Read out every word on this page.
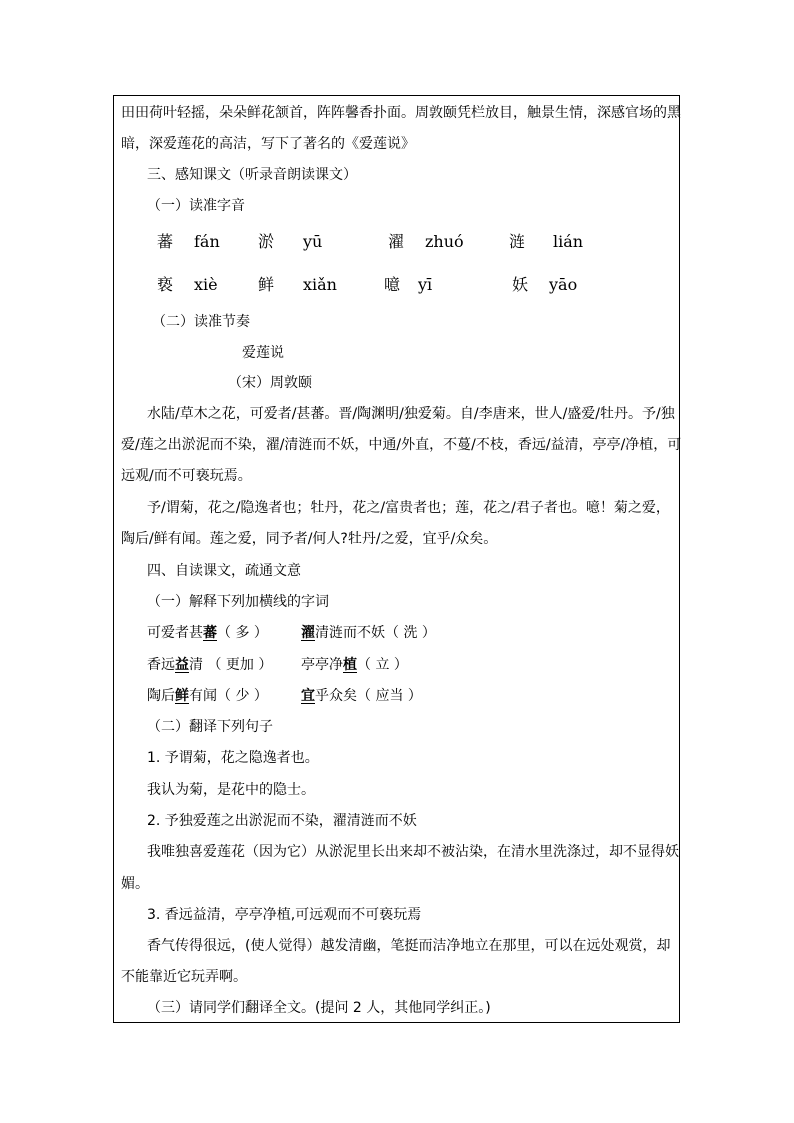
田田荷叶轻摇，朵朵鲜花颔首，阵阵馨香扑面。周敦颐凭栏放目，触景生情，深感官场的黑
暗，深爱莲花的高洁，写下了著名的《爱莲说》
三、感知课文（听录音朗读课文）
（一）读准字音
蕃 fán 淤 yū	濯 zhuó	涟 lián
亵 xiè	鲜 xiǎn	噫 yī	妖 yāo
（二）读准节奏
爱莲说
（宋）周敦颐
水陆/草木之花，可爱者/甚蕃。晋/陶渊明/独爱菊。自/李唐来，世人/盛爱/牡丹。予/独
爱/莲之出淤泥而不染，濯/清涟而不妖，中通/外直，不蔓/不枝，香远/益清，亭亭/净植，可
远观/而不可亵玩焉。
予/谓菊，花之/隐逸者也；牡丹，花之/富贵者也；莲，花之/君子者也。噫！菊之爱，
陶后/鲜有闻。莲之爱，同予者/何人?牡丹/之爱，宜乎/众矣。
四、自读课文，疏通文意
（一）解释下列加横线的字词
可爱者甚蕃（ 多 ） 濯清涟而不妖（ 洗 ）
香远益清 （ 更加 ） 亭亭净植（ 立 ）
陶后鲜有闻（ 少 ） 宜乎众矣（ 应当 ）
（二）翻译下列句子
1. 予谓菊，花之隐逸者也。
我认为菊，是花中的隐士。
2. 予独爱莲之出淤泥而不染，濯清涟而不妖
我唯独喜爱莲花（因为它）从淤泥里长出来却不被沾染，在清水里洗涤过，却不显得妖
媚。
3. 香远益清，亭亭净植,可远观而不可亵玩焉
香气传得很远，(使人觉得）越发清幽，笔挺而洁净地立在那里，可以在远处观赏，却
不能靠近它玩弄啊。
（三）请同学们翻译全文。(提问 2 人，其他同学纠正。)
